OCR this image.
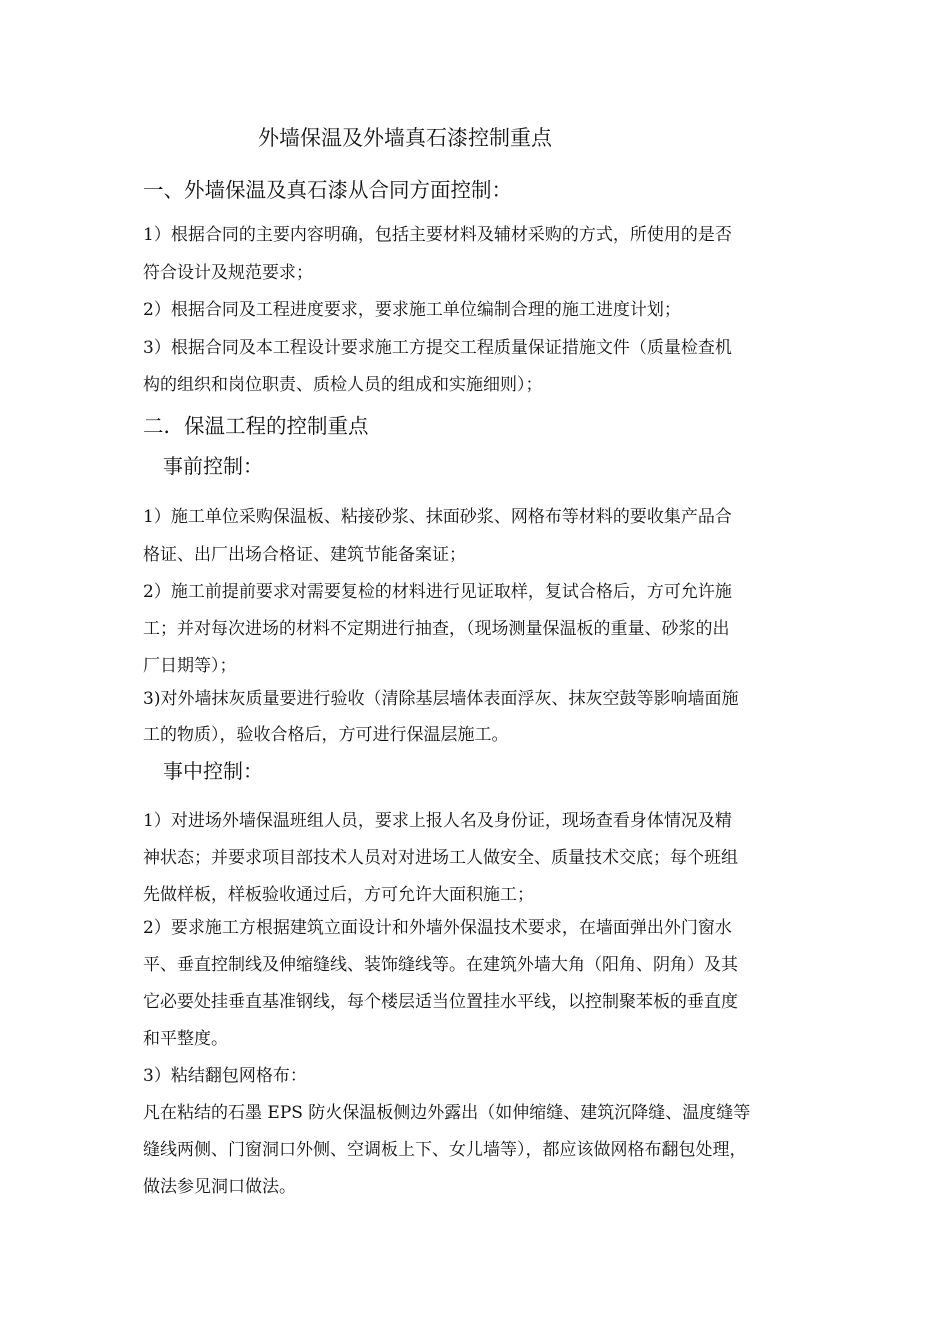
外墙保温及外墙真石漆控制重点

一、外墙保温及真石漆从合同方面控制：

1）根据合同的主要内容明确，包括主要材料及辅材采购的方式，所使用的是否

符合设计及规范要求；

2）根据合同及工程进度要求，要求施工单位编制合理的施工进度计划；

3）根据合同及本工程设计要求施工方提交工程质量保证措施文件（质量检查机

构的组织和岗位职责、质检人员的组成和实施细则）；

二．保温工程的控制重点

事前控制：

1）施工单位采购保温板、粘接砂浆、抹面砂浆、网格布等材料的要收集产品合

格证、出厂出场合格证、建筑节能备案证；

2）施工前提前要求对需要复检的材料进行见证取样，复试合格后，方可允许施

工；并对每次进场的材料不定期进行抽查，（现场测量保温板的重量、砂浆的出

厂日期等）；

3)对外墙抹灰质量要进行验收（清除基层墙体表面浮灰、抹灰空鼓等影响墙面施

工的物质），验收合格后，方可进行保温层施工。

事中控制：

1）对进场外墙保温班组人员，要求上报人名及身份证，现场查看身体情况及精

神状态；并要求项目部技术人员对对进场工人做安全、质量技术交底；每个班组

先做样板，样板验收通过后，方可允许大面积施工；

2）要求施工方根据建筑立面设计和外墙外保温技术要求，在墙面弹出外门窗水

平、垂直控制线及伸缩缝线、装饰缝线等。在建筑外墙大角（阳角、阴角）及其

它必要处挂垂直基准钢线，每个楼层适当位置挂水平线，以控制聚苯板的垂直度

和平整度。

3）粘结翻包网格布：

凡在粘结的石墨 EPS 防火保温板侧边外露出（如伸缩缝、建筑沉降缝、温度缝等

缝线两侧、门窗洞口外侧、空调板上下、女儿墙等），都应该做网格布翻包处理，

做法参见洞口做法。
